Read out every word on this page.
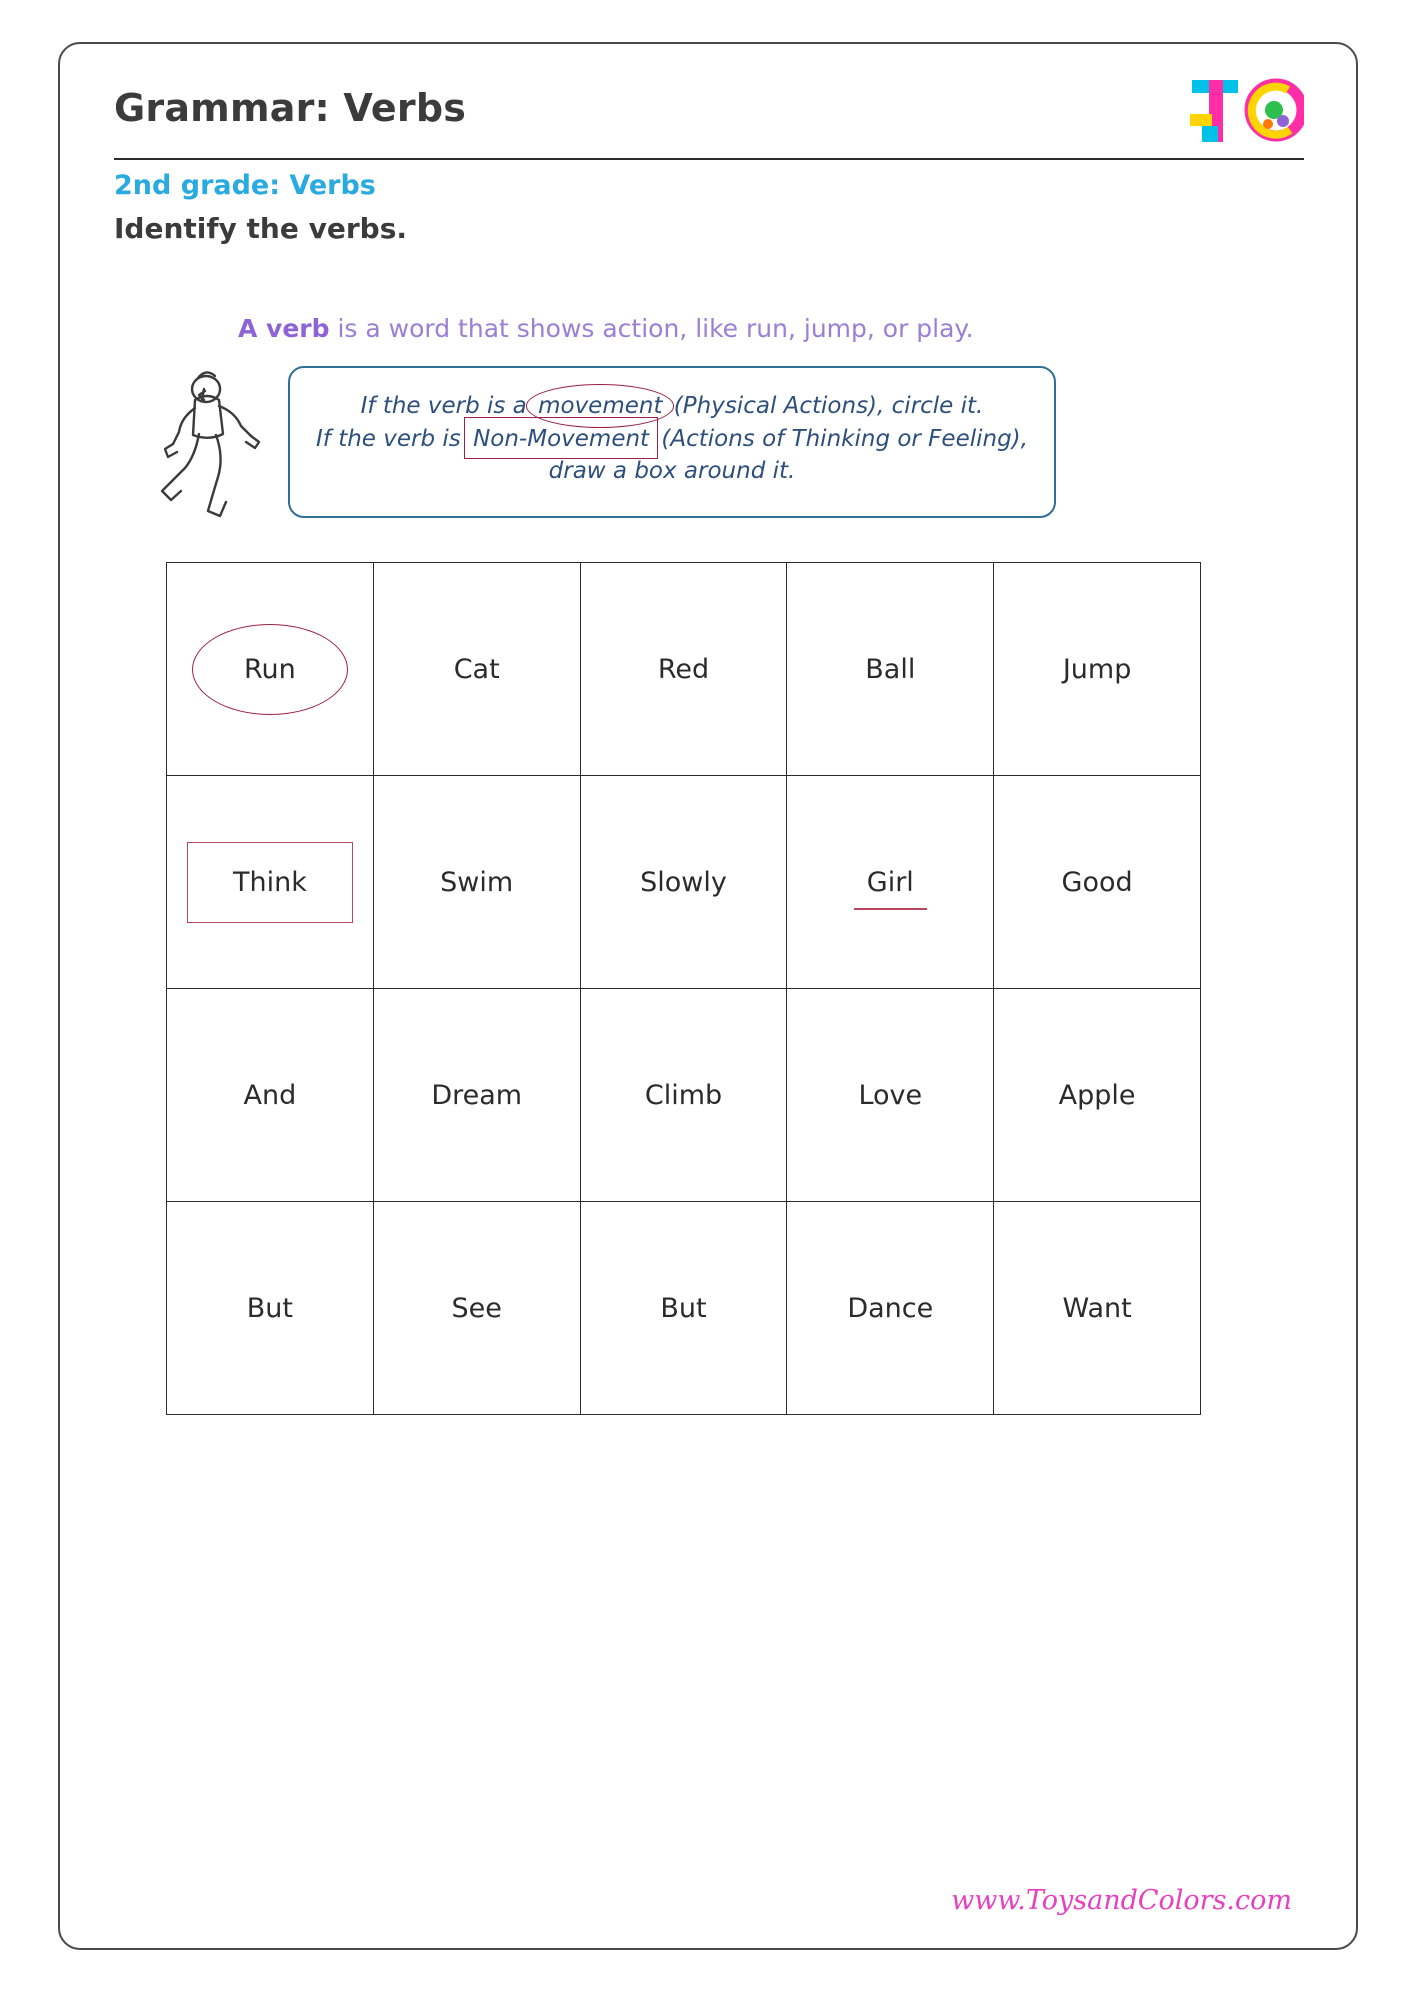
Grammar: Verbs
2nd grade: Verbs
Identify the verbs.
A verb is a word that shows action, like run, jump, or play.
If the verb is a movement (Physical Actions), circle it.
If the verb is Non-Movement (Actions of Thinking or Feeling),
draw a box around it.
Run	Cat	Red	Ball	Jump
Think	Swim	Slowly	Girl	Good
And	Dream	Climb	Love	Apple
But	See	But	Dance	Want
www.ToysandColors.com
